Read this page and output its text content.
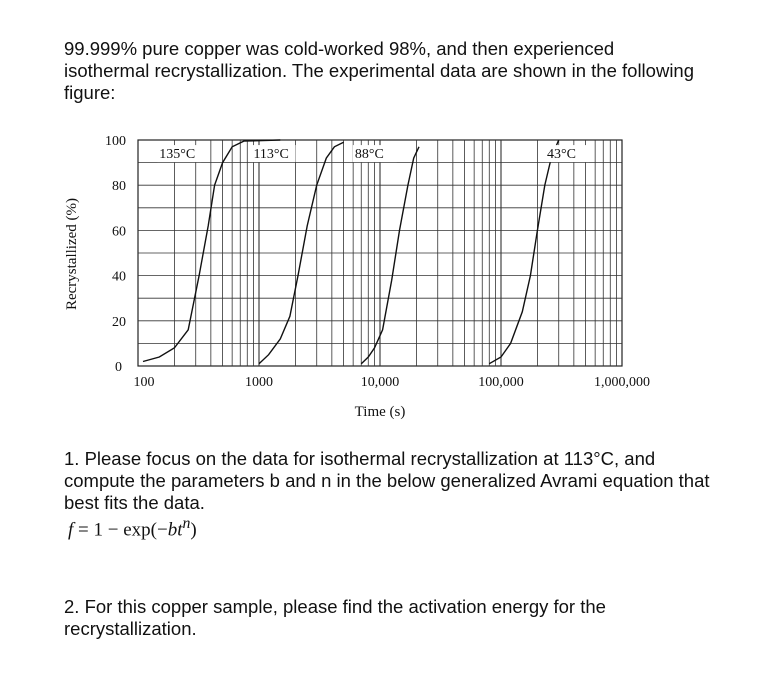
99.999% pure copper was cold-worked 98%, and then experienced isothermal recrystallization. The experimental data are shown in the following figure:
0
20
40
60
80
100
100	1000	10,000	100,000	1,000,000
135°C	113°C	88°C	43°C
Time (s)
Recrystallized (%)
1. Please focus on the data for isothermal recrystallization at 113°C, and compute the parameters b and n in the below generalized Avrami equation that best fits the data.
$f = 1 - \exp(-bt^n)$
2. For this copper sample, please find the activation energy for the recrystallization.
